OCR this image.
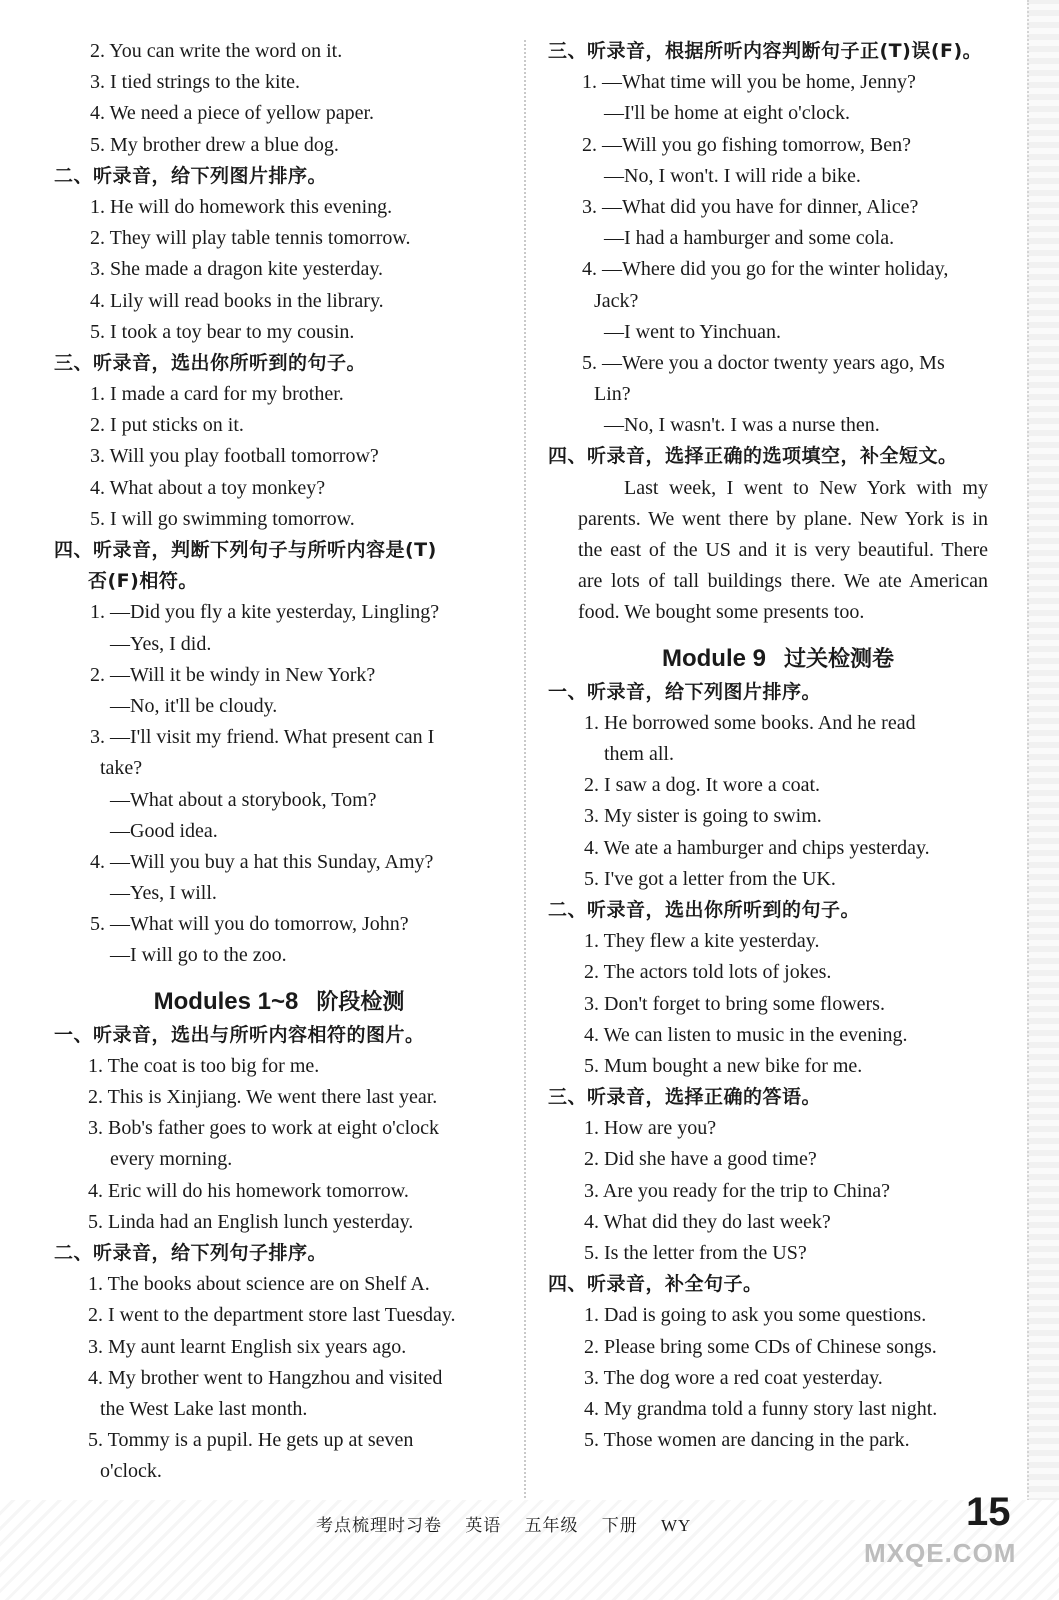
2. You can write the word on it.
3. I tied strings to the kite.
4. We need a piece of yellow paper.
5. My brother drew a blue dog.
二、听录音，给下列图片排序。
1. He will do homework this evening.
2. They will play table tennis tomorrow.
3. She made a dragon kite yesterday.
4. Lily will read books in the library.
5. I took a toy bear to my cousin.
三、听录音，选出你所听到的句子。
1. I made a card for my brother.
2. I put sticks on it.
3. Will you play football tomorrow?
4. What about a toy monkey?
5. I will go swimming tomorrow.
四、听录音，判断下列句子与所听内容是(T)
否(F)相符。
1. —Did you fly a kite yesterday, Lingling?
—Yes, I did.
2. —Will it be windy in New York?
—No, it'll be cloudy.
3. —I'll visit my friend. What present can I
take?
—What about a storybook, Tom?
—Good idea.
4. —Will you buy a hat this Sunday, Amy?
—Yes, I will.
5. —What will you do tomorrow, John?
—I will go to the zoo.
Modules 1~8 阶段检测
一、听录音，选出与所听内容相符的图片。
1. The coat is too big for me.
2. This is Xinjiang. We went there last year.
3. Bob's father goes to work at eight o'clock
every morning.
4. Eric will do his homework tomorrow.
5. Linda had an English lunch yesterday.
二、听录音，给下列句子排序。
1. The books about science are on Shelf A.
2. I went to the department store last Tuesday.
3. My aunt learnt English six years ago.
4. My brother went to Hangzhou and visited
the West Lake last month.
5. Tommy is a pupil. He gets up at seven
o'clock.
三、听录音，根据所听内容判断句子正(T)误(F)。
1. —What time will you be home, Jenny?
—I'll be home at eight o'clock.
2. —Will you go fishing tomorrow, Ben?
—No, I won't. I will ride a bike.
3. —What did you have for dinner, Alice?
—I had a hamburger and some cola.
4. —Where did you go for the winter holiday,
Jack?
—I went to Yinchuan.
5. —Were you a doctor twenty years ago, Ms
Lin?
—No, I wasn't. I was a nurse then.
四、听录音，选择正确的选项填空，补全短文。
Last week, I went to New York with my parents. We went there by plane. New York is in the east of the US and it is very beautiful. There are lots of tall buildings there. We ate American food. We bought some presents too.
Module 9 过关检测卷
一、听录音，给下列图片排序。
1. He borrowed some books. And he read
them all.
2. I saw a dog. It wore a coat.
3. My sister is going to swim.
4. We ate a hamburger and chips yesterday.
5. I've got a letter from the UK.
二、听录音，选出你所听到的句子。
1. They flew a kite yesterday.
2. The actors told lots of jokes.
3. Don't forget to bring some flowers.
4. We can listen to music in the evening.
5. Mum bought a new bike for me.
三、听录音，选择正确的答语。
1. How are you?
2. Did she have a good time?
3. Are you ready for the trip to China?
4. What did they do last week?
5. Is the letter from the US?
四、听录音，补全句子。
1. Dad is going to ask you some questions.
2. Please bring some CDs of Chinese songs.
3. The dog wore a red coat yesterday.
4. My grandma told a funny story last night.
5. Those women are dancing in the park.
考点梳理时习卷 英语 五年级 下册 WY	15
MXQE.COM
